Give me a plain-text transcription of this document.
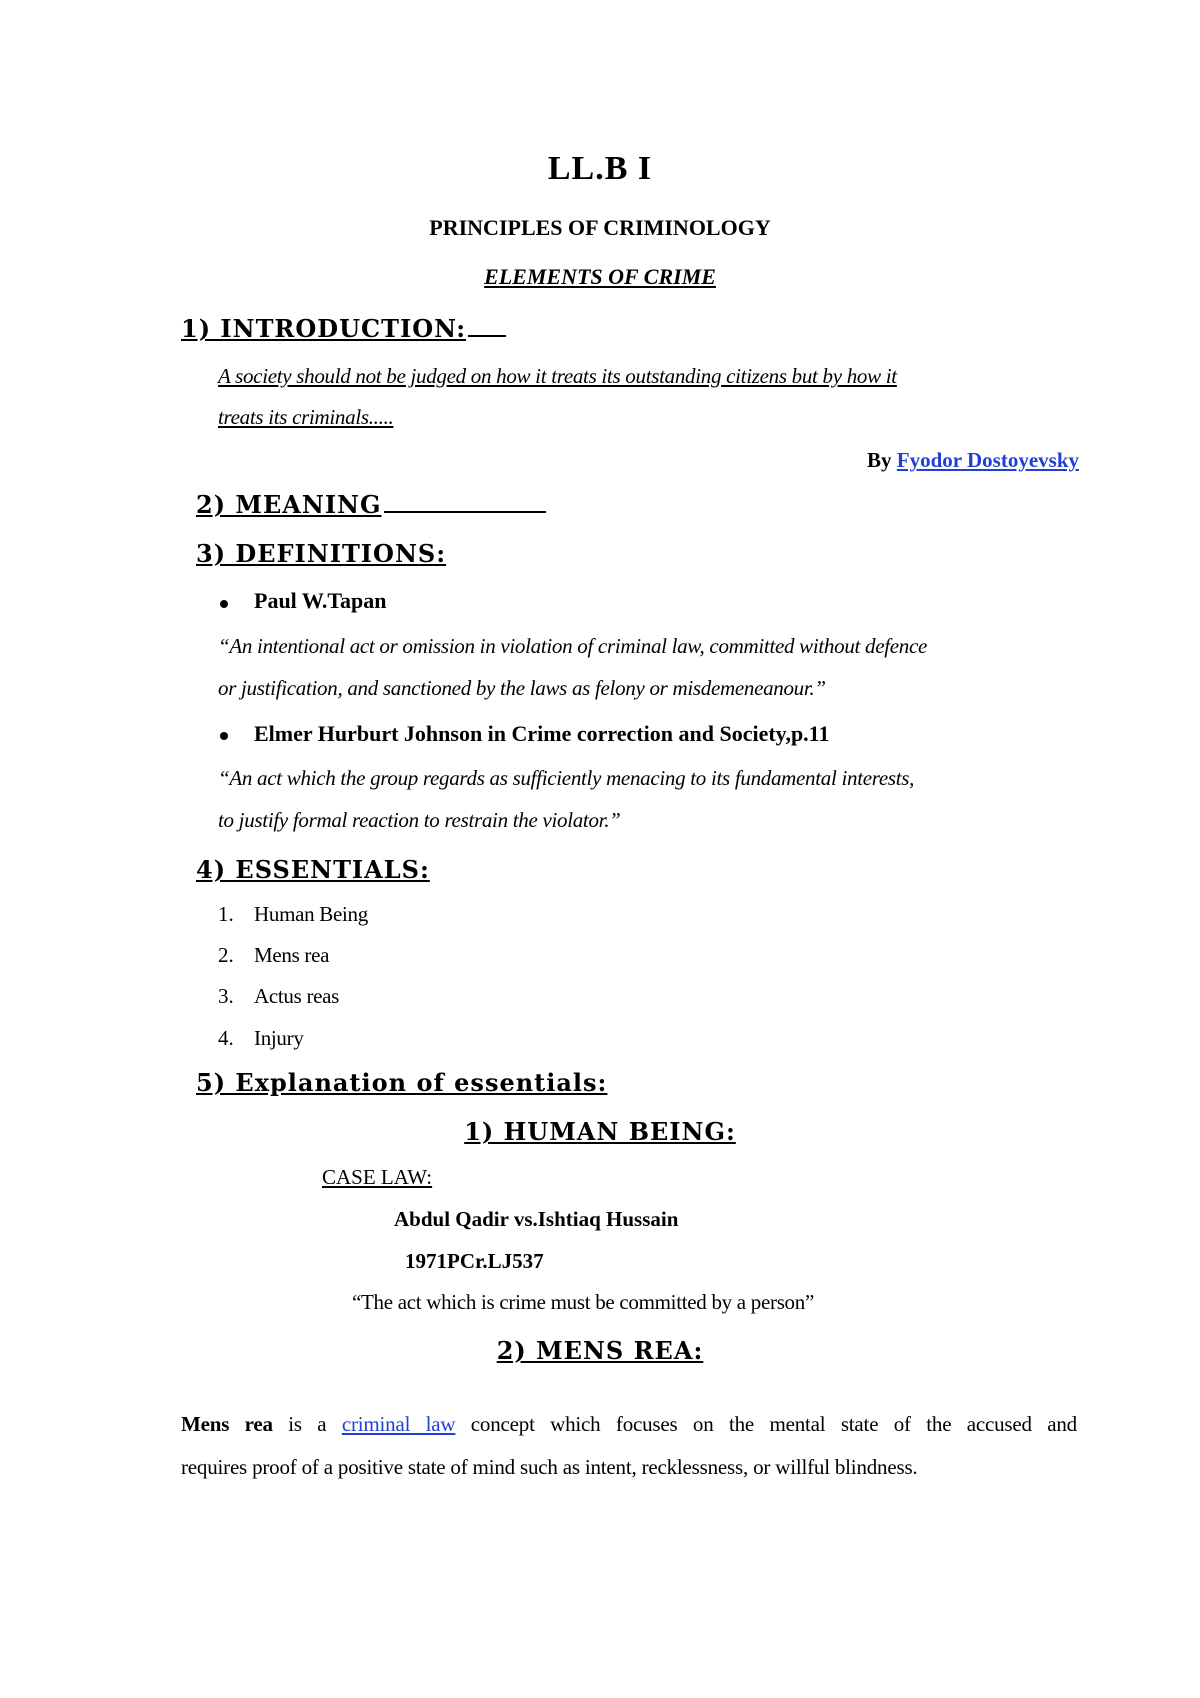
LL.B I
PRINCIPLES OF CRIMINOLOGY
ELEMENTS OF CRIME
1) INTRODUCTION:
A society should not be judged on how it treats its outstanding citizens but by how it
treats its criminals.....
By Fyodor Dostoyevsky
2) MEANING
3) DEFINITIONS:
Paul W.Tapan
“An intentional act or omission in violation of criminal law, committed without defence
or justification, and sanctioned by the laws as felony or misdemeneanour.”
Elmer Hurburt Johnson in Crime correction and Society,p.11
“An act which the group regards as sufficiently menacing to its fundamental interests,
to justify formal reaction to restrain the violator.”
4) ESSENTIALS:
1. Human Being
2. Mens rea
3. Actus reas
4. Injury
5) Explanation of essentials:
1) HUMAN BEING:
CASE LAW:
Abdul Qadir vs.Ishtiaq Hussain
1971PCr.LJ537
“The act which is crime must be committed by a person”
2) MENS REA:
Mens rea is a criminal law concept which focuses on the mental state of the accused and
requires proof of a positive state of mind such as intent, recklessness, or willful blindness.
